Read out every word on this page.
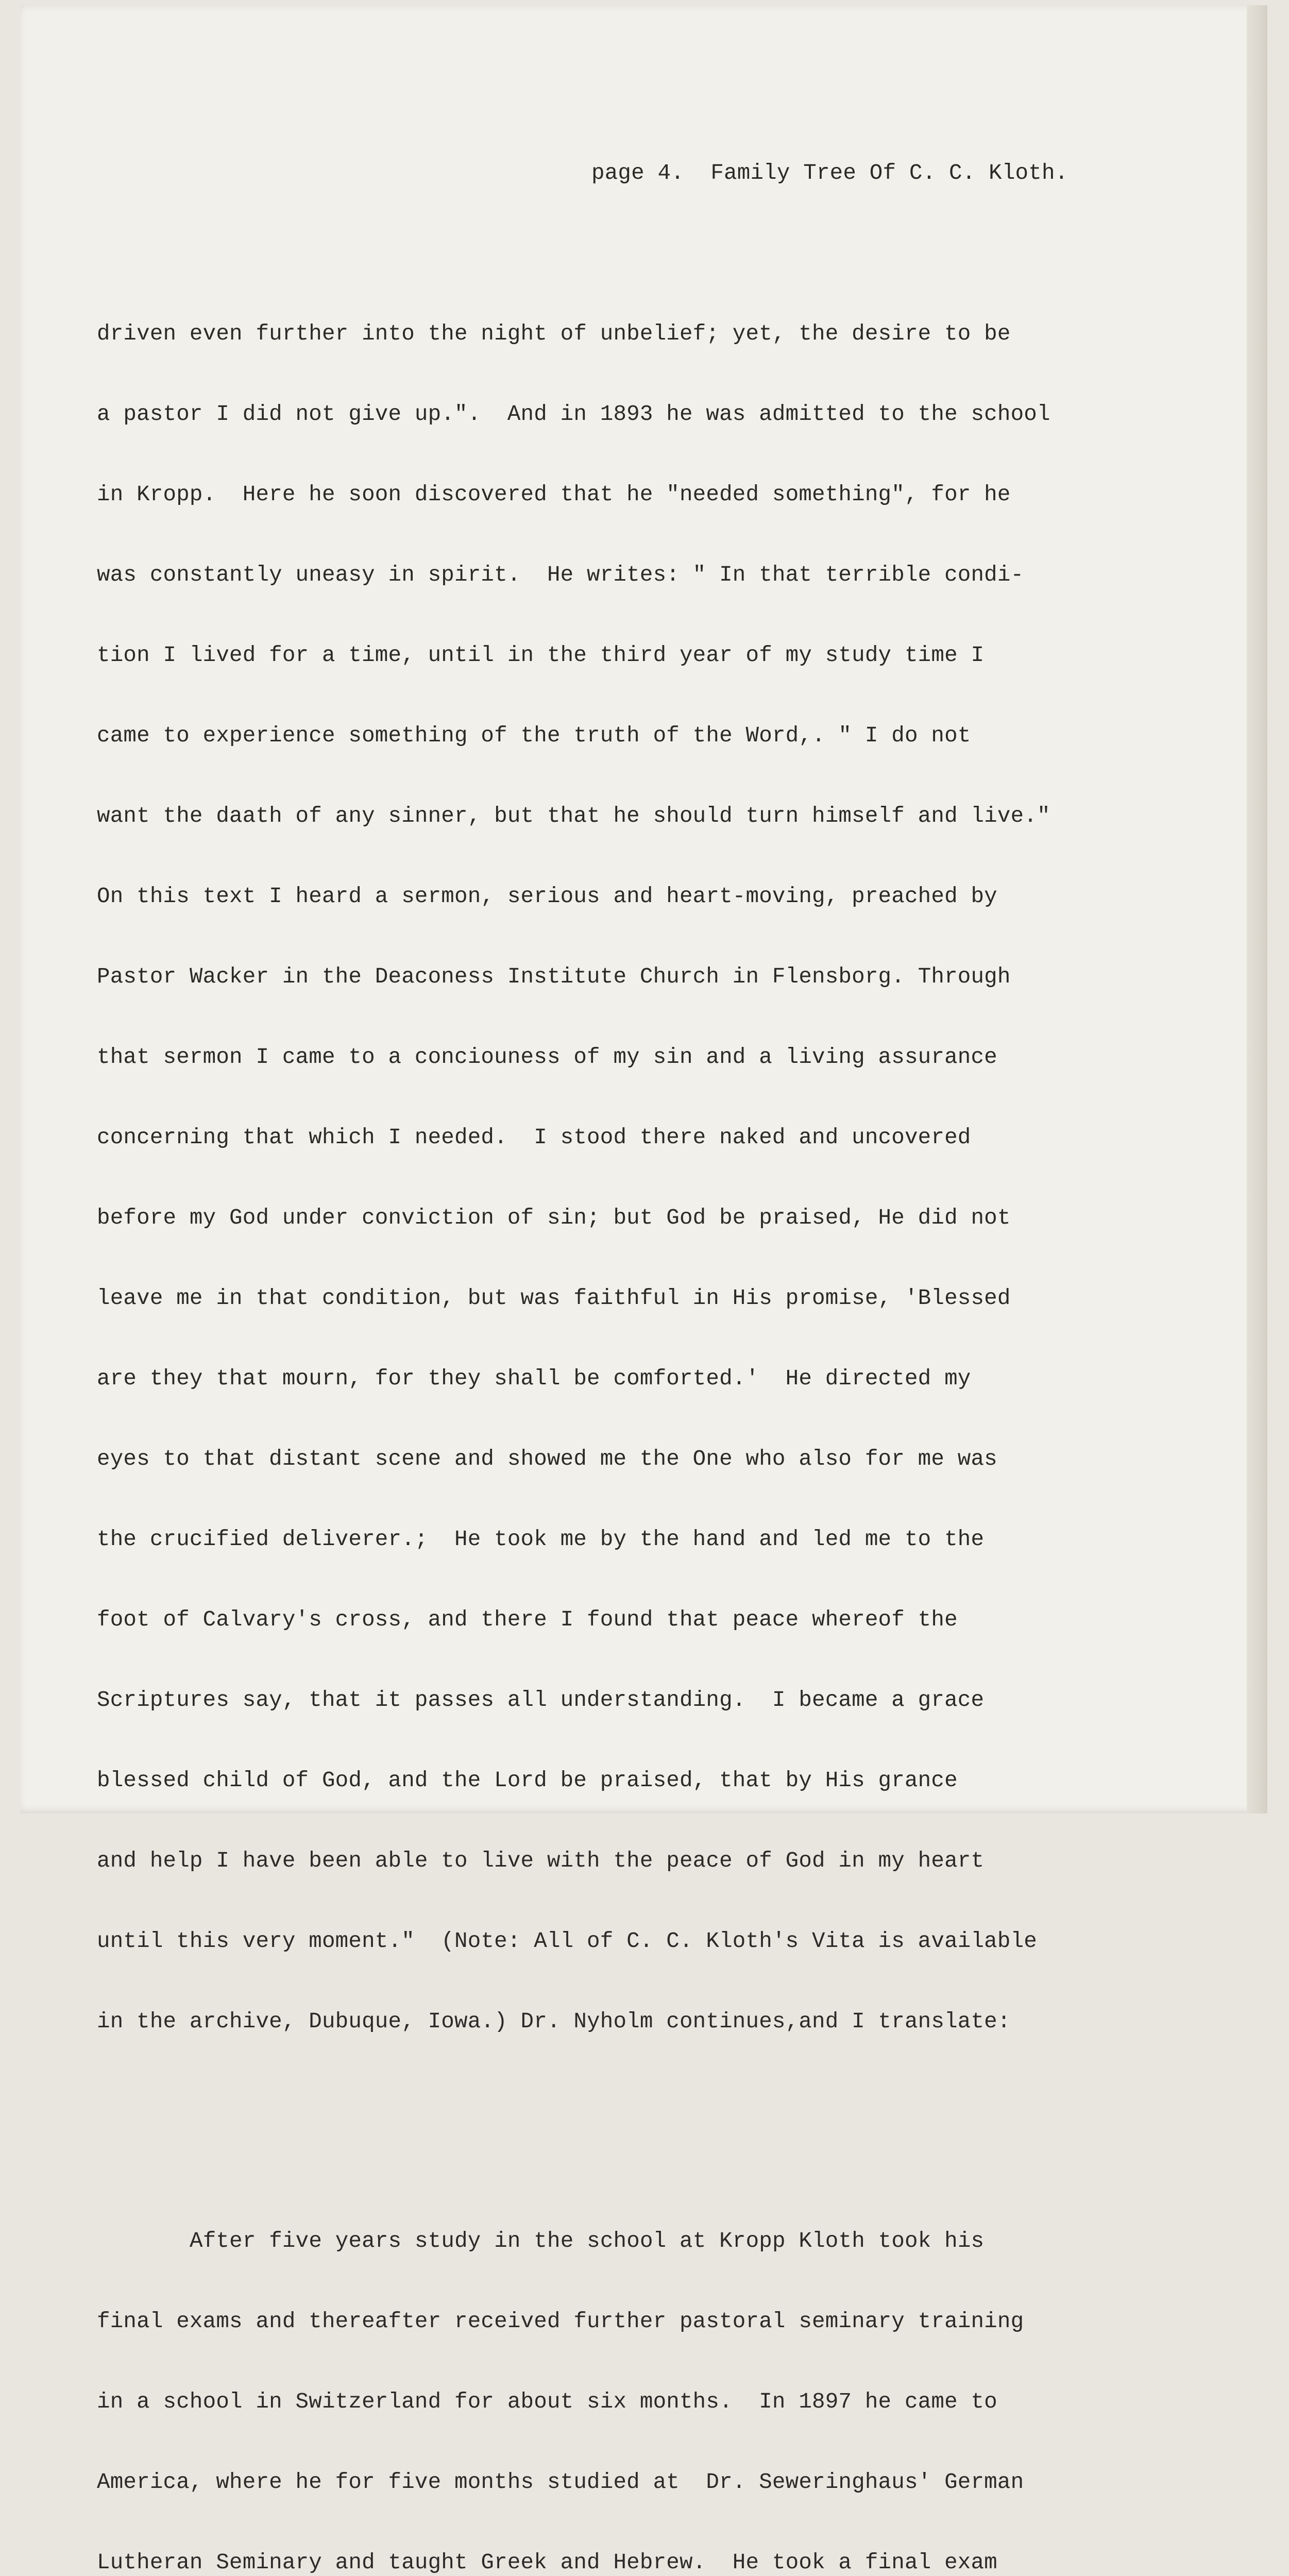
page 4.  Family Tree Of C. C. Kloth.

driven even further into the night of unbelief; yet, the desire to be

a pastor I did not give up.".  And in 1893 he was admitted to the school

in Kropp.  Here he soon discovered that he "needed something", for he

was constantly uneasy in spirit.  He writes: " In that terrible condi-

tion I lived for a time, until in the third year of my study time I

came to experience something of the truth of the Word,. " I do not

want the daath of any sinner, but that he should turn himself and live."

On this text I heard a sermon, serious and heart-moving, preached by

Pastor Wacker in the Deaconess Institute Church in Flensborg. Through

that sermon I came to a conciouness of my sin and a living assurance

concerning that which I needed.  I stood there naked and uncovered

before my God under conviction of sin; but God be praised, He did not

leave me in that condition, but was faithful in His promise, 'Blessed

are they that mourn, for they shall be comforted.'  He directed my

eyes to that distant scene and showed me the One who also for me was

the crucified deliverer.;  He took me by the hand and led me to the

foot of Calvary's cross, and there I found that peace whereof the

Scriptures say, that it passes all understanding.  I became a grace

blessed child of God, and the Lord be praised, that by His grance

and help I have been able to live with the peace of God in my heart

until this very moment."  (Note: All of C. C. Kloth's Vita is available

in the archive, Dubuque, Iowa.) Dr. Nyholm continues,and I translate:

After five years study in the school at Kropp Kloth took his

final exams and thereafter received further pastoral seminary training

in a school in Switzerland for about six months.  In 1897 he came to

America, where he for five months studied at  Dr. Seweringhaus' German

Lutheran Seminary and taught Greek and Hebrew.  He took a final exam
